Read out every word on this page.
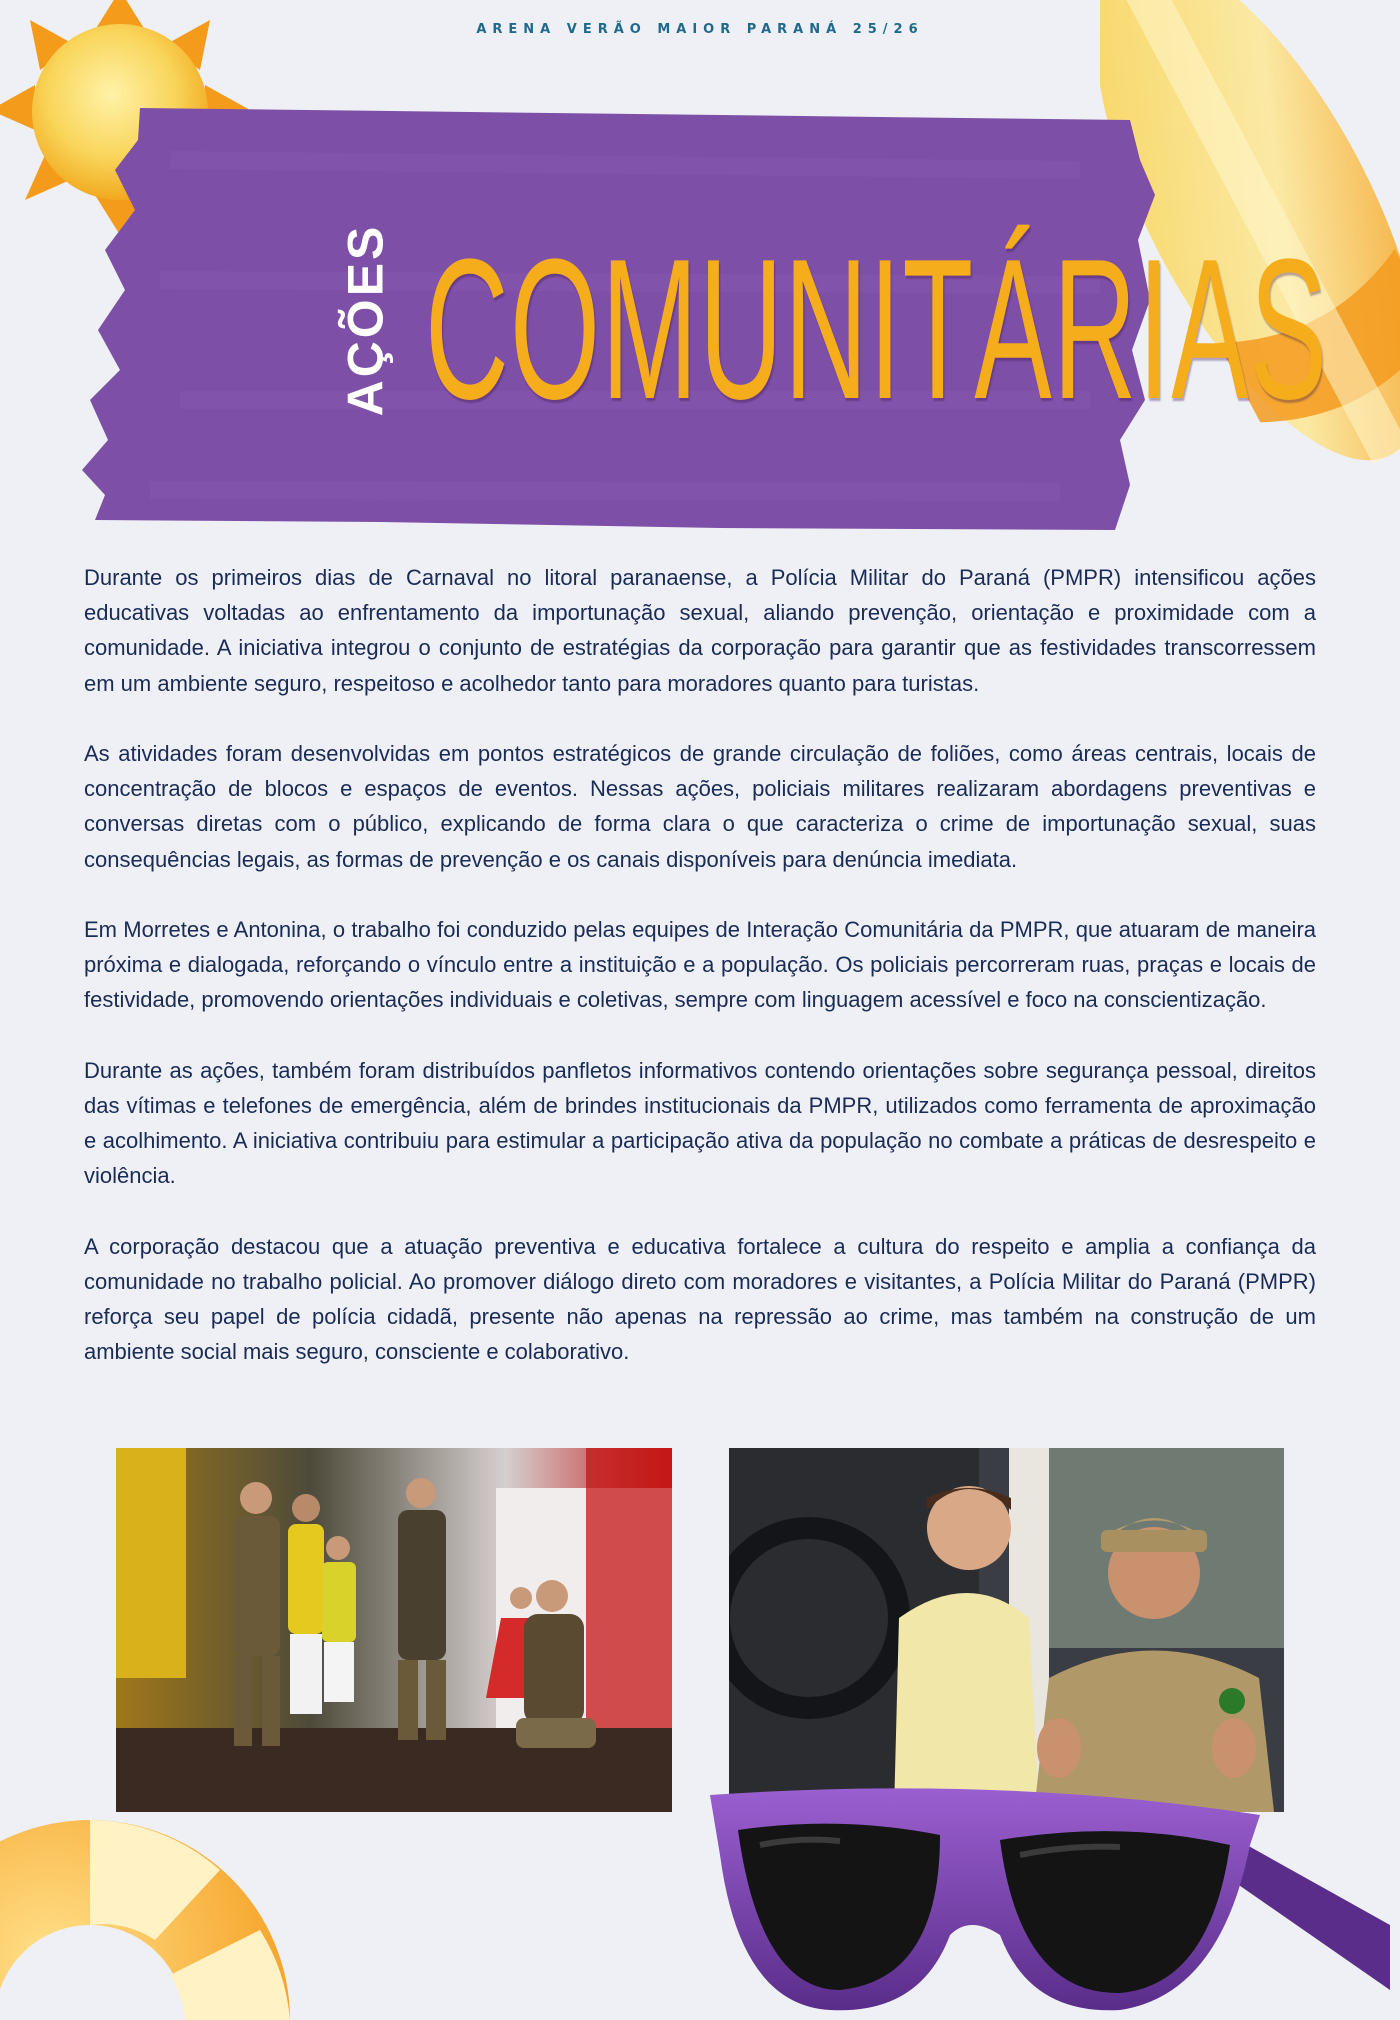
AÇÕES COMUNITÁRIAS
ARENA VERÃO MAIOR PARANÁ 25/26

Durante os primeiros dias de Carnaval no litoral paranaense, a Polícia Militar do Paraná (PMPR) intensificou ações educativas voltadas ao enfrentamento da importunação sexual, aliando prevenção, orientação e proximidade com a comunidade. A iniciativa integrou o conjunto de estratégias da corporação para garantir que as festividades transcorressem em um ambiente seguro, respeitoso e acolhedor tanto para moradores quanto para turistas.

As atividades foram desenvolvidas em pontos estratégicos de grande circulação de foliões, como áreas centrais, locais de concentração de blocos e espaços de eventos. Nessas ações, policiais militares realizaram abordagens preventivas e conversas diretas com o público, explicando de forma clara o que caracteriza o crime de importunação sexual, suas consequências legais, as formas de prevenção e os canais disponíveis para denúncia imediata.

Em Morretes e Antonina, o trabalho foi conduzido pelas equipes de Interação Comunitária da PMPR, que atuaram de maneira próxima e dialogada, reforçando o vínculo entre a instituição e a população. Os policiais percorreram ruas, praças e locais de festividade, promovendo orientações individuais e coletivas, sempre com linguagem acessível e foco na conscientização.

Durante as ações, também foram distribuídos panfletos informativos contendo orientações sobre segurança pessoal, direitos das vítimas e telefones de emergência, além de brindes institucionais da PMPR, utilizados como ferramenta de aproximação e acolhimento. A iniciativa contribuiu para estimular a participação ativa da população no combate a práticas de desrespeito e violência.

A corporação destacou que a atuação preventiva e educativa fortalece a cultura do respeito e amplia a confiança da comunidade no trabalho policial. Ao promover diálogo direto com moradores e visitantes, a Polícia Militar do Paraná (PMPR) reforça seu papel de polícia cidadã, presente não apenas na repressão ao crime, mas também na construção de um ambiente social mais seguro, consciente e colaborativo.
